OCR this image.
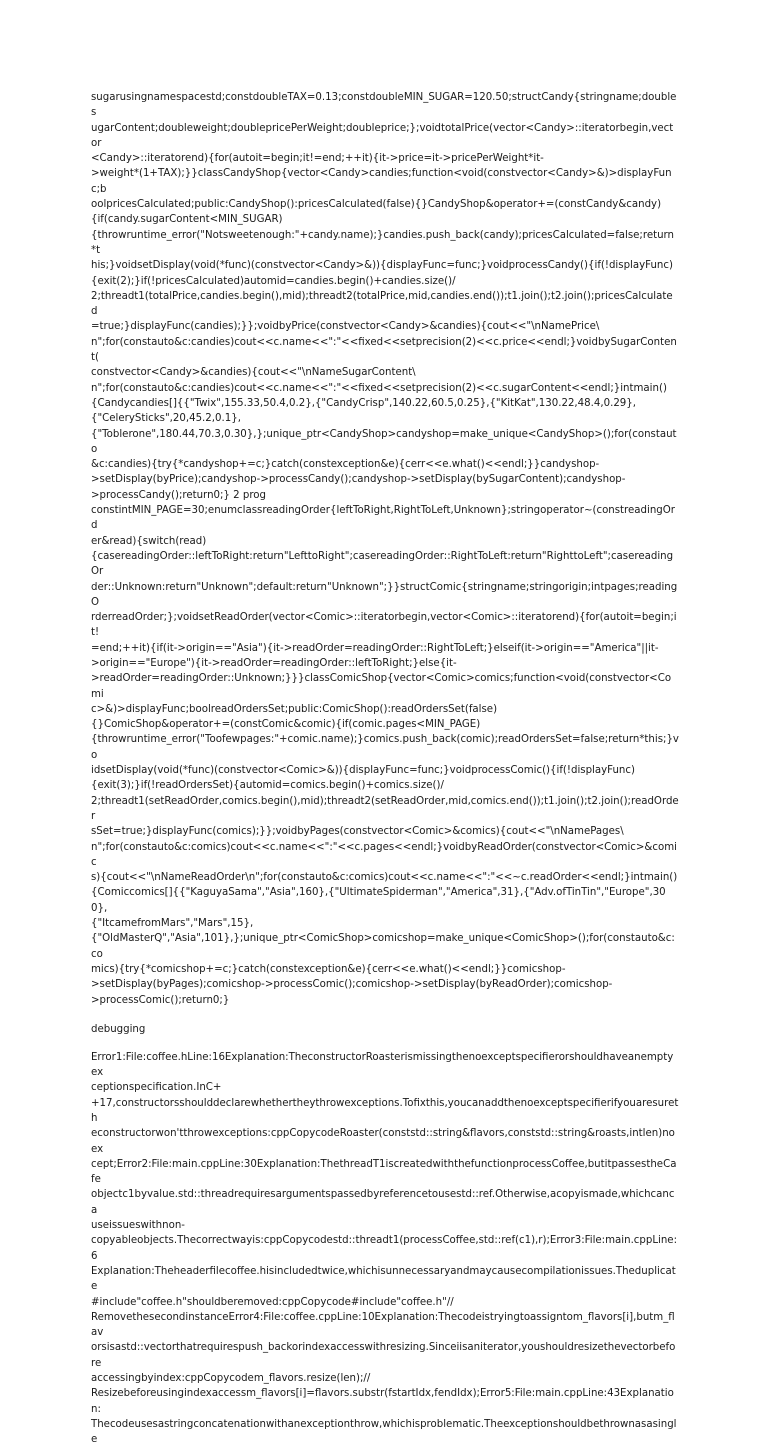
sugarusingnamespacestd;constdoubleTAX=0.13;constdoubleMIN_SUGAR=120.50;structCandy{stringname;doubles
ugarContent;doubleweight;doublepricePerWeight;doubleprice;};voidtotalPrice(vector<Candy>::iteratorbegin,vector
<Candy>::iteratorend){for(autoit=begin;it!=end;++it){it->price=it->pricePerWeight*it-
>weight*(1+TAX);}}classCandyShop{vector<Candy>candies;function<void(constvector<Candy>&)>displayFunc;b
oolpricesCalculated;public:CandyShop():pricesCalculated(false){}CandyShop&operator+=(constCandy&candy)
{if(candy.sugarContent<MIN_SUGAR)
{throwruntime_error("Notsweetenough:"+candy.name);}candies.push_back(candy);pricesCalculated=false;return*t
his;}voidsetDisplay(void(*func)(constvector<Candy>&)){displayFunc=func;}voidprocessCandy(){if(!displayFunc)
{exit(2);}if(!pricesCalculated)automid=candies.begin()+candies.size()/
2;threadt1(totalPrice,candies.begin(),mid);threadt2(totalPrice,mid,candies.end());t1.join();t2.join();pricesCalculated
=true;}displayFunc(candies);}};voidbyPrice(constvector<Candy>&candies){cout<<"\nNamePrice\
n";for(constauto&c:candies)cout<<c.name<<":"<<fixed<<setprecision(2)<<c.price<<endl;}voidbySugarContent(
constvector<Candy>&candies){cout<<"\nNameSugarContent\
n";for(constauto&c:candies)cout<<c.name<<":"<<fixed<<setprecision(2)<<c.sugarContent<<endl;}intmain()
{Candycandies[]{{"Twix",155.33,50.4,0.2},{"CandyCrisp",140.22,60.5,0.25},{"KitKat",130.22,48.4,0.29},
{"CelerySticks",20,45.2,0.1},
{"Toblerone",180.44,70.3,0.30},};unique_ptr<CandyShop>candyshop=make_unique<CandyShop>();for(constauto
&c:candies){try{*candyshop+=c;}catch(constexception&e){cerr<<e.what()<<endl;}}candyshop-
>setDisplay(byPrice);candyshop->processCandy();candyshop->setDisplay(bySugarContent);candyshop-
>processCandy();return0;} 2 prog
constintMIN_PAGE=30;enumclassreadingOrder{leftToRight,RightToLeft,Unknown};stringoperator~(constreadingOrd
er&read){switch(read)
{casereadingOrder::leftToRight:return"LefttoRight";casereadingOrder::RightToLeft:return"RighttoLeft";casereadingOr
der::Unknown:return"Unknown";default:return"Unknown";}}structComic{stringname;stringorigin;intpages;readingO
rderreadOrder;};voidsetReadOrder(vector<Comic>::iteratorbegin,vector<Comic>::iteratorend){for(autoit=begin;it!
=end;++it){if(it->origin=="Asia"){it->readOrder=readingOrder::RightToLeft;}elseif(it->origin=="America"||it-
>origin=="Europe"){it->readOrder=readingOrder::leftToRight;}else{it-
>readOrder=readingOrder::Unknown;}}}classComicShop{vector<Comic>comics;function<void(constvector<Comi
c>&)>displayFunc;boolreadOrdersSet;public:ComicShop():readOrdersSet(false)
{}ComicShop&operator+=(constComic&comic){if(comic.pages<MIN_PAGE)
{throwruntime_error("Toofewpages:"+comic.name);}comics.push_back(comic);readOrdersSet=false;return*this;}vo
idsetDisplay(void(*func)(constvector<Comic>&)){displayFunc=func;}voidprocessComic(){if(!displayFunc)
{exit(3);}if(!readOrdersSet){automid=comics.begin()+comics.size()/
2;threadt1(setReadOrder,comics.begin(),mid);threadt2(setReadOrder,mid,comics.end());t1.join();t2.join();readOrder
sSet=true;}displayFunc(comics);}};voidbyPages(constvector<Comic>&comics){cout<<"\nNamePages\
n";for(constauto&c:comics)cout<<c.name<<":"<<c.pages<<endl;}voidbyReadOrder(constvector<Comic>&comic
s){cout<<"\nNameReadOrder\n";for(constauto&c:comics)cout<<c.name<<":"<<~c.readOrder<<endl;}intmain()
{Comiccomics[]{{"KaguyaSama","Asia",160},{"UltimateSpiderman","America",31},{"Adv.ofTinTin","Europe",300},
{"ItcamefromMars","Mars",15},
{"OldMasterQ","Asia",101},};unique_ptr<ComicShop>comicshop=make_unique<ComicShop>();for(constauto&c:co
mics){try{*comicshop+=c;}catch(constexception&e){cerr<<e.what()<<endl;}}comicshop-
>setDisplay(byPages);comicshop->processComic();comicshop->setDisplay(byReadOrder);comicshop-
>processComic();return0;}
debugging
Error1:File:coffee.hLine:16Explanation:TheconstructorRoasterismissingthenoexceptspecifierorshouldhaveanemptyex
ceptionspecification.InC+
+17,constructorsshoulddeclarewhethertheythrowexceptions.Tofixthis,youcanaddthenoexceptspecifierifyouaresureth
econstructorwon'tthrowexceptions:cppCopycodeRoaster(conststd::string&flavors,conststd::string&roasts,intlen)noex
cept;Error2:File:main.cppLine:30Explanation:ThethreadT1iscreatedwiththefunctionprocessCoffee,butitpassestheCafe
objectc1byvalue.std::threadrequiresargumentspassedbyreferencetousestd::ref.Otherwise,acopyismade,whichcanca
useissueswithnon-
copyableobjects.Thecorrectwayis:cppCopycodestd::threadt1(processCoffee,std::ref(c1),r);Error3:File:main.cppLine:6
Explanation:Theheaderfilecoffee.hisincludedtwice,whichisunnecessaryandmaycausecompilationissues.Theduplicate
#include"coffee.h"shouldberemoved:cppCopycode#include"coffee.h"//
RemovethesecondinstanceError4:File:coffee.cppLine:10Explanation:Thecodeistryingtoassigntom_flavors[i],butm_flav
orsisastd::vectorthatrequirespush_backorindexaccesswithresizing.Sinceiisaniterator,youshouldresizethevectorbefore
accessingbyindex:cppCopycodem_flavors.resize(len);//
Resizebeforeusingindexaccessm_flavors[i]=flavors.substr(fstartIdx,fendIdx);Error5:File:main.cppLine:43Explanation:
Thecodeusesastringconcatenationwithanexceptionthrow,whichisproblematic.Theexceptionshouldbethrownasasingle
